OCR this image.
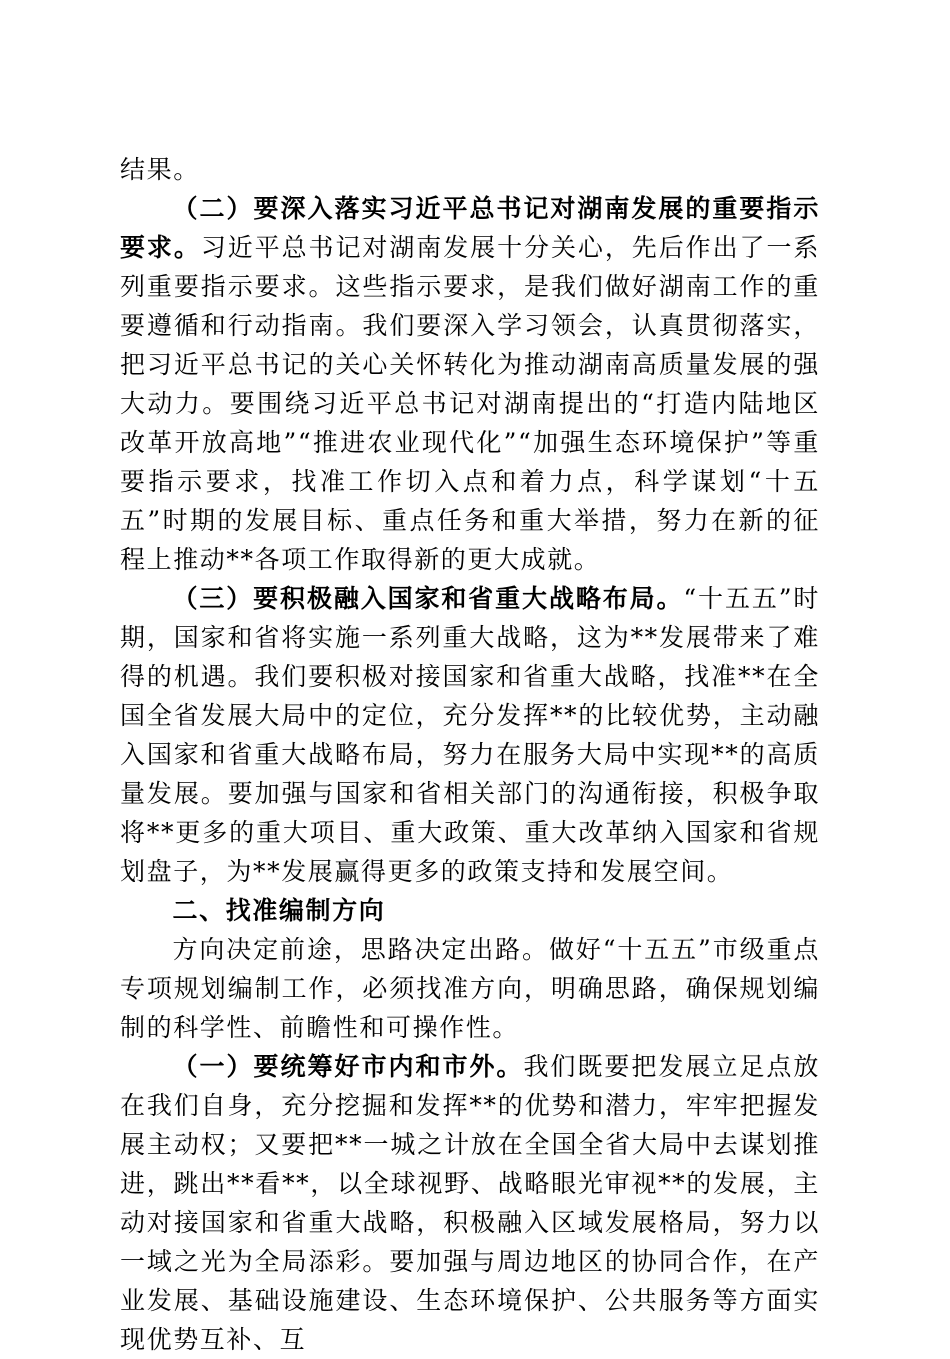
结果。

（二）要深入落实习近平总书记对湖南发展的重要指示要求。习近平总书记对湖南发展十分关心，先后作出了一系列重要指示要求。这些指示要求，是我们做好湖南工作的重要遵循和行动指南。我们要深入学习领会，认真贯彻落实，把习近平总书记的关心关怀转化为推动湖南高质量发展的强大动力。要围绕习近平总书记对湖南提出的“打造内陆地区改革开放高地”“推进农业现代化”“加强生态环境保护”等重要指示要求，找准工作切入点和着力点，科学谋划“十五五”时期的发展目标、重点任务和重大举措，努力在新的征程上推动**各项工作取得新的更大成就。

（三）要积极融入国家和省重大战略布局。“十五五”时期，国家和省将实施一系列重大战略，这为**发展带来了难得的机遇。我们要积极对接国家和省重大战略，找准**在全国全省发展大局中的定位，充分发挥**的比较优势，主动融入国家和省重大战略布局，努力在服务大局中实现**的高质量发展。要加强与国家和省相关部门的沟通衔接，积极争取将**更多的重大项目、重大政策、重大改革纳入国家和省规划盘子，为**发展赢得更多的政策支持和发展空间。

二、找准编制方向

方向决定前途，思路决定出路。做好“十五五”市级重点专项规划编制工作，必须找准方向，明确思路，确保规划编制的科学性、前瞻性和可操作性。

（一）要统筹好市内和市外。我们既要把发展立足点放在我们自身，充分挖掘和发挥**的优势和潜力，牢牢把握发展主动权；又要把**一城之计放在全国全省大局中去谋划推进，跳出**看**，以全球视野、战略眼光审视**的发展，主动对接国家和省重大战略，积极融入区域发展格局，努力以一域之光为全局添彩。要加强与周边地区的协同合作，在产业发展、基础设施建设、生态环境保护、公共服务等方面实现优势互补、互
